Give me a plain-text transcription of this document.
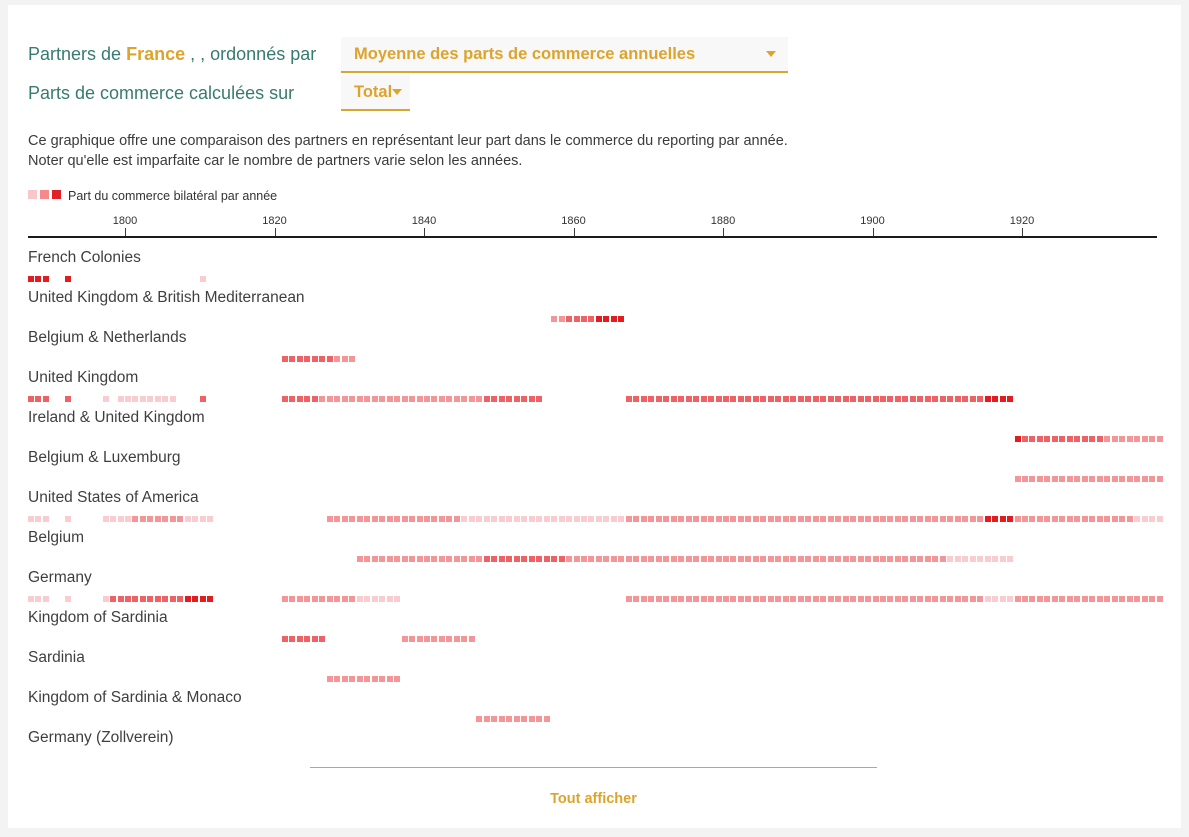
Partners de France , , ordonnés par	Moyenne des parts de commerce annuelles
Parts de commerce calculées sur	Total
Ce graphique offre une comparaison des partners en représentant leur part dans le commerce du reporting par année.
Noter qu'elle est imparfaite car le nombre de partners varie selon les années.
Part du commerce bilatéral par année
1800	1820	1840	1860	1880	1900	1920
French Colonies
United Kingdom & British Mediterranean
Belgium & Netherlands
United Kingdom
Ireland & United Kingdom
Belgium & Luxemburg
United States of America
Belgium
Germany
Kingdom of Sardinia
Sardinia
Kingdom of Sardinia & Monaco
Germany (Zollverein)
Tout afficher
